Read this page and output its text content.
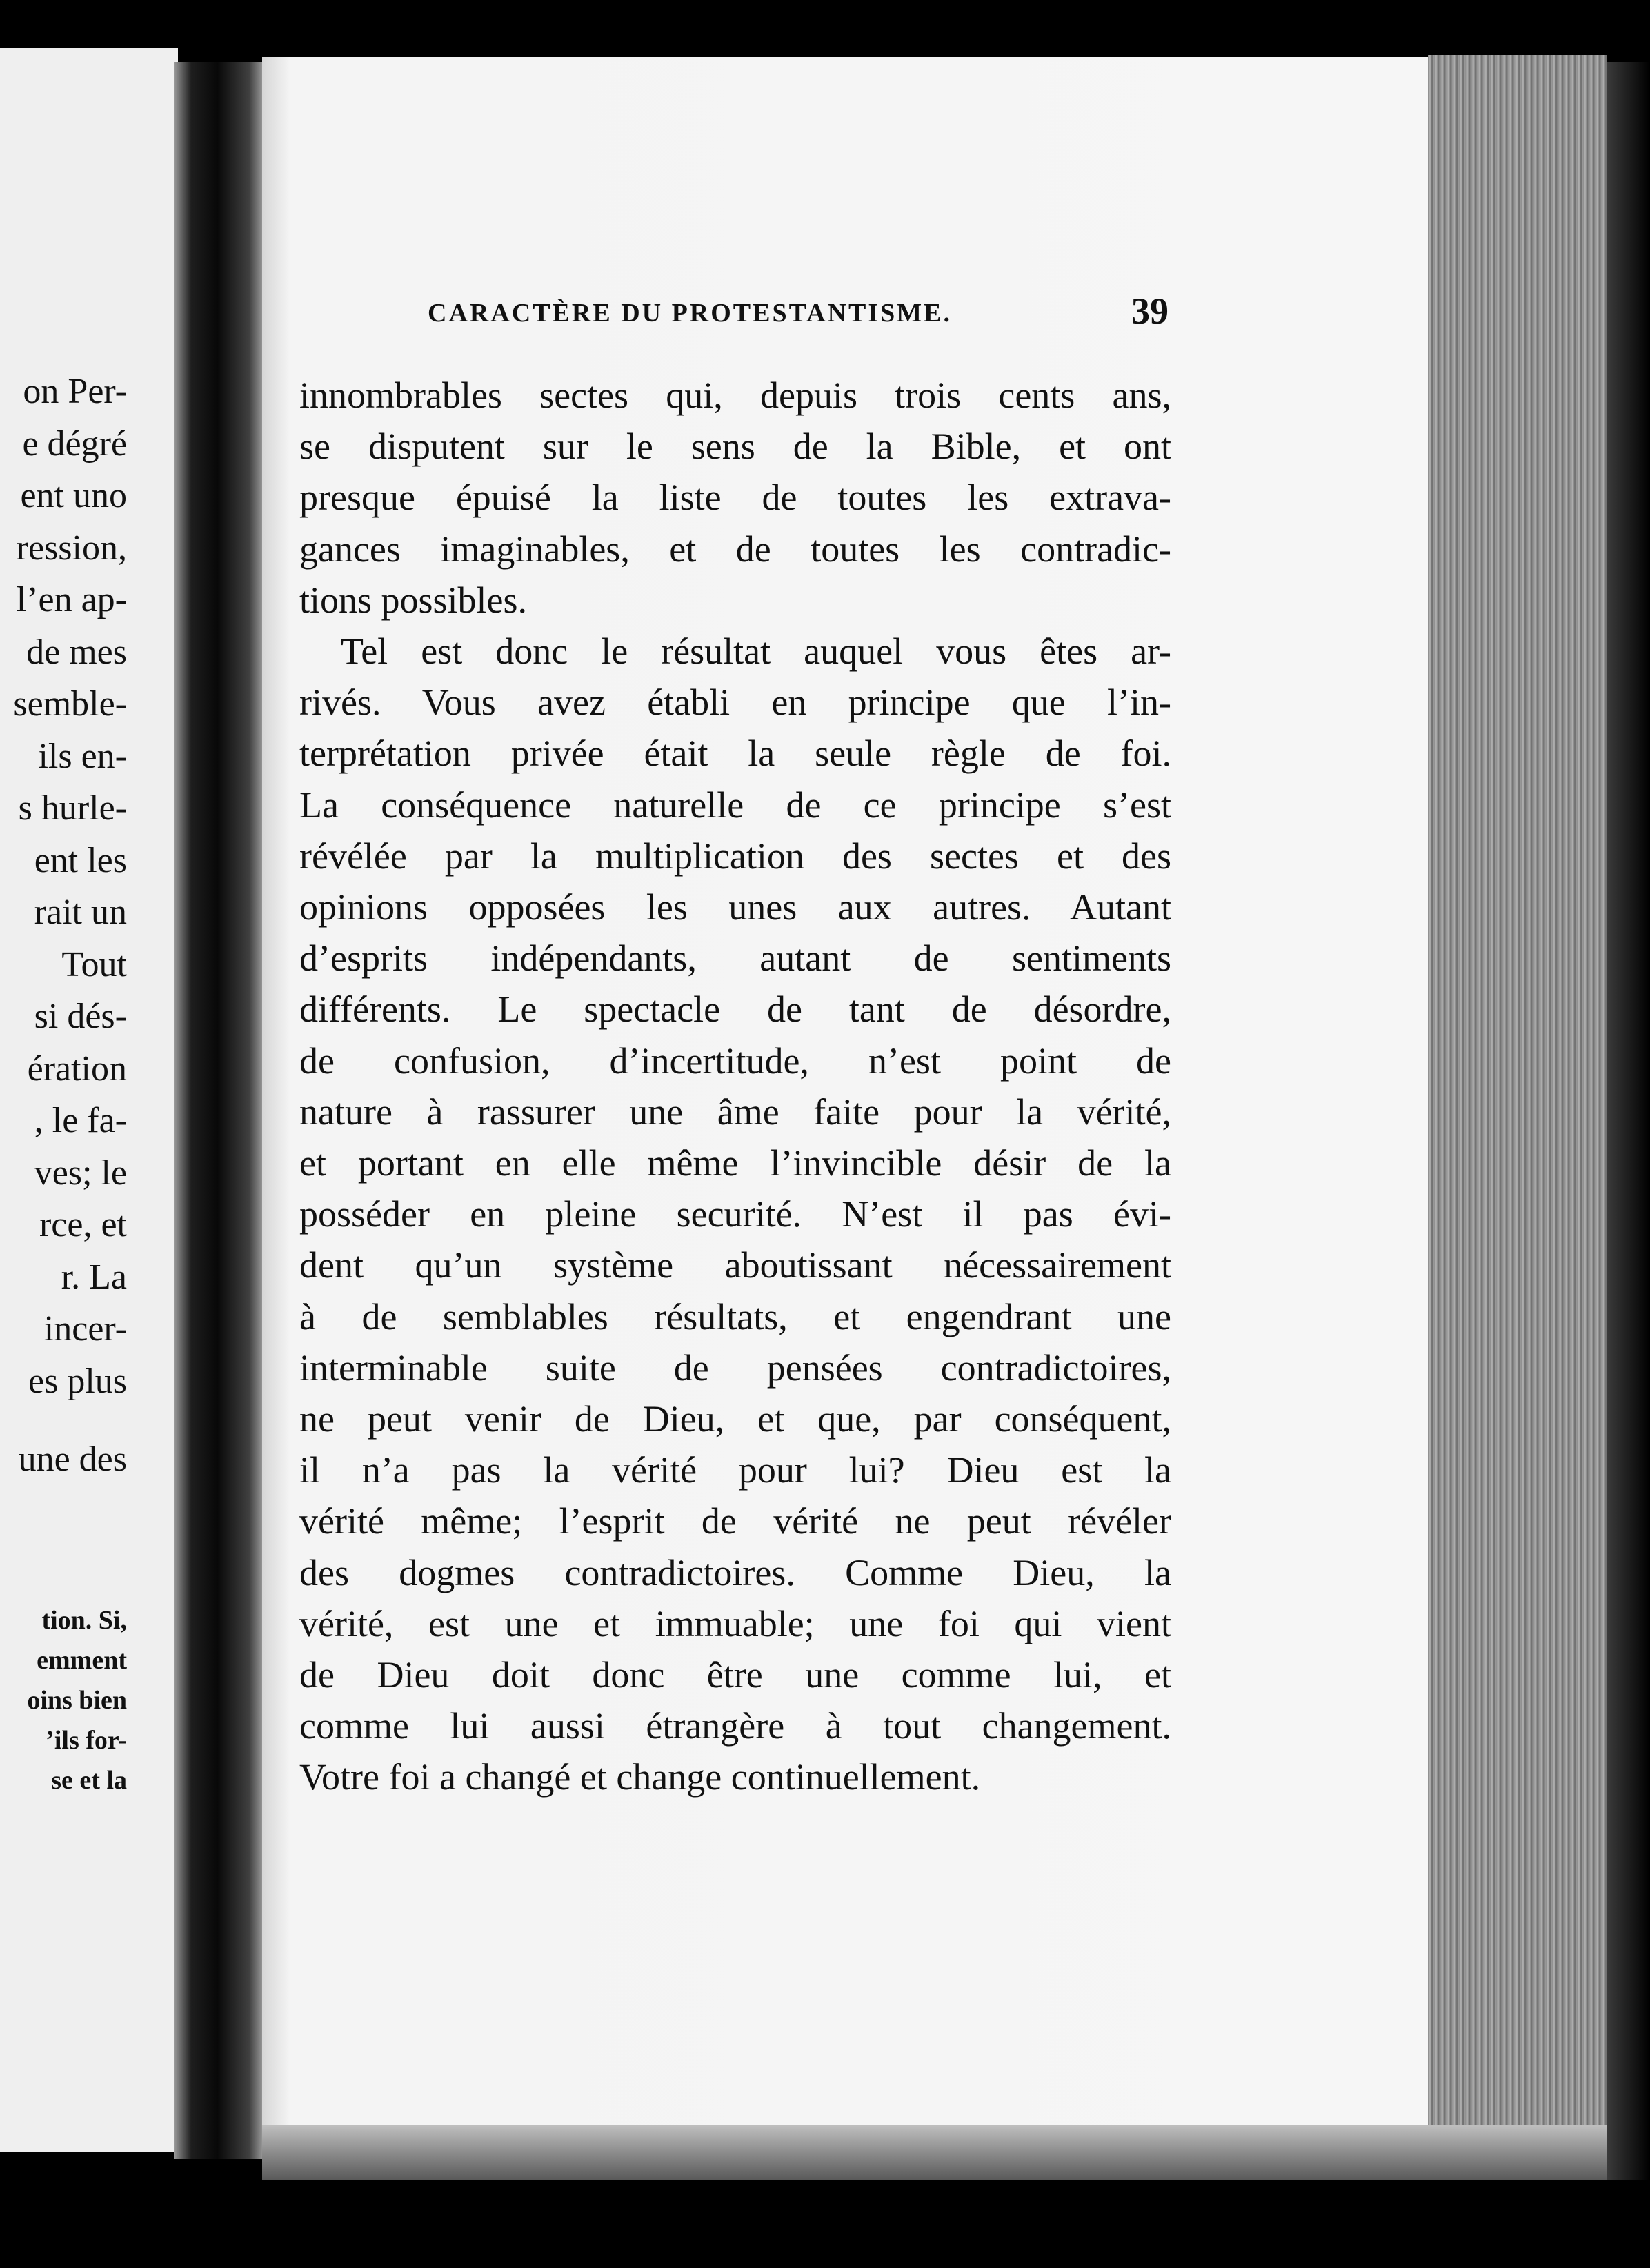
on Per-
e dégré
ent uno
ression,
l’en ap-
de mes
semble-
ils en-
s hurle-
ent les
rait un
Tout
si dés-
ération
, le fa-
ves; le
rce, et
r. La
incer-
es plus
une des
tion. Si,
emment
oins bien
’ils for-
se et la
CARACTÈRE DU PROTESTANTISME.	39
innombrables sectes qui, depuis trois cents ans,
se disputent sur le sens de la Bible, et ont
presque épuisé la liste de toutes les extrava-
gances imaginables, et de toutes les contradic-
tions possibles.
Tel est donc le résultat auquel vous êtes ar-
rivés. Vous avez établi en principe que l’in-
terprétation privée était la seule règle de foi.
La conséquence naturelle de ce principe s’est
révélée par la multiplication des sectes et des
opinions opposées les unes aux autres. Autant
d’esprits indépendants, autant de sentiments
différents. Le spectacle de tant de désordre,
de confusion, d’incertitude, n’est point de
nature à rassurer une âme faite pour la vérité,
et portant en elle même l’invincible désir de la
posséder en pleine securité. N’est il pas évi-
dent qu’un système aboutissant nécessairement
à de semblables résultats, et engendrant une
interminable suite de pensées contradictoires,
ne peut venir de Dieu, et que, par conséquent,
il n’a pas la vérité pour lui? Dieu est la
vérité même; l’esprit de vérité ne peut révéler
des dogmes contradictoires. Comme Dieu, la
vérité, est une et immuable; une foi qui vient
de Dieu doit donc être une comme lui, et
comme lui aussi étrangère à tout changement.
Votre foi a changé et change continuellement.
